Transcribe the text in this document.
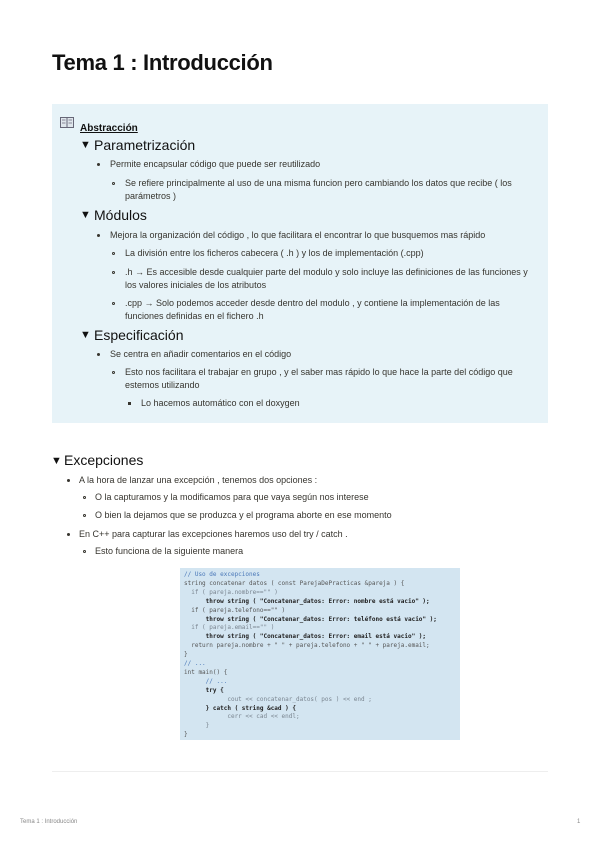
Tema 1 : Introducción
Abstracción
▼ Parametrización
Permite encapsular código que puede ser reutilizado
Se refiere principalmente al uso de una misma funcion pero cambiando los datos que recibe ( los
parámetros )
▼ Módulos
Mejora la organización del código , lo que facilitara el encontrar lo que busquemos mas rápido
La división entre los ficheros cabecera ( .h ) y los de implementación (.cpp)
.h → Es accesible desde cualquier parte del modulo y solo incluye las definiciones de las funciones y
los valores iniciales de los atributos
.cpp → Solo podemos acceder desde dentro del modulo , y contiene la implementación de las
funciones definidas en el fichero .h
▼ Especificación
Se centra en añadir comentarios en el código
Esto nos facilitara el trabajar en grupo , y el saber mas rápido lo que hace la parte del código que
estemos utilizando
Lo hacemos automático con el doxygen
// Uso de excepciones
string concatenar datos ( const ParejaDePracticas &pareja ) {
if ( pareja.nombre=="" )
throw string ( "Concatenar_datos: Error: nombre está vacio" );
if ( pareja.telefono=="" )
throw string ( "Concatenar_datos: Error: teléfono está vacio" );
if ( pareja.email=="" )
throw string ( "Concatenar_datos: Error: email está vacio" );
return pareja.nombre + " " + pareja.telefono + " " + pareja.email;
}
// ...
int main() {
// ...
try {
cout << concatenar_datos( pos ) << end ;
} catch ( string &cad ) {
cerr << cad << endl;
}
}
Tema 1 : Introducción	1
▼ Excepciones
A la hora de lanzar una excepción , tenemos dos opciones :
O la capturamos y la modificamos para que vaya según nos interese
O bien la dejamos que se produzca y el programa aborte en ese momento
En C++ para capturar las excepciones haremos uso del try / catch .
Esto funciona de la siguiente manera
